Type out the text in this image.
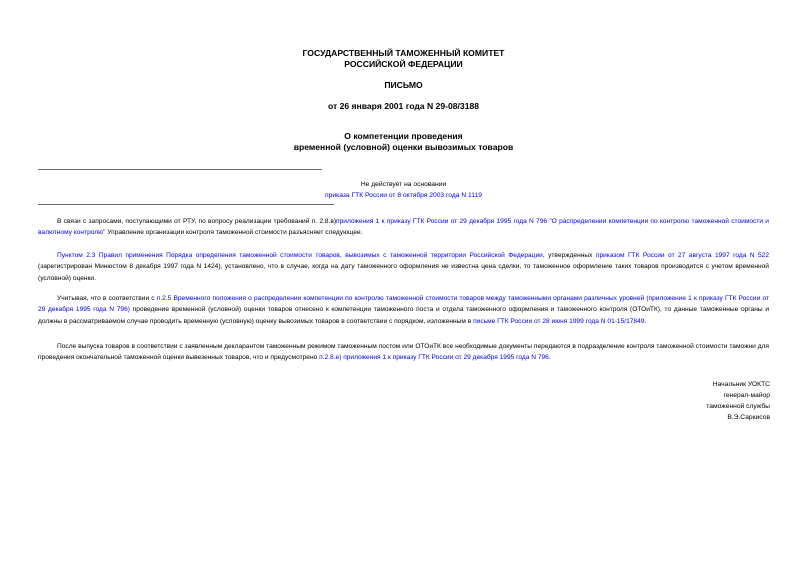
ГОСУДАРСТВЕННЫЙ ТАМОЖЕННЫЙ КОМИТЕТ
РОССИЙСКОЙ ФЕДЕРАЦИИ
ПИСЬМО
от 26 января 2001 года N 29-08/3188
О компетенции проведения
временной (условной) оценки вывозимых товаров
Не действует на основании
приказа ГТК России от 8 октября 2003 года N 1119
В связи с запросами, поступающими от РТУ, по вопросу реализации требований п. 2.8.в)приложения 1 к приказу ГТК России от 29 декабря 1995 года N 796 "О распределении компетенции по контролю таможенной стоимости и валютному контролю" Управление организации контроля таможенной стоимости разъясняет следующее.
Пунктом 2.3 Правил применения Порядка определения таможенной стоимости товаров, вывозимых с таможенной территории Российской Федерации, утвержденных приказом ГТК России от 27 августа 1997 года N 522 (зарегистрирован Минюстом 8 декабря 1997 года N 1424), установлено, что в случае, когда на дату таможенного оформления не известна цена сделки, то таможенное оформление таких товаров производится с учетом временной (условной) оценки.
Учитывая, что в соответствии с п.2.5 Временного положения о распределении компетенции по контролю таможенной стоимости товаров между таможенными органами различных уровней (приложение 1 к приказу ГТК России от 29 декабря 1995 года N 796) проведение временной (условной) оценки товаров отнесено к компетенции таможенного поста и отдела таможенного оформления и таможенного контроля (ОТОиТК), то данные таможенные органы и должны в рассматриваемом случае проводить временную (условную) оценку вывозимых товаров в соответствии с порядком, изложенным в письме ГТК России от 28 июня 1999 года N 01-15/17849.
После выпуска товаров в соответствии с заявленным декларантом таможенным режимом таможенным постом или ОТОиТК все необходимые документы передаются в подразделение контроля таможенной стоимости таможни для проведения окончательной таможенной оценки вывезенных товаров, что и предусмотрено п.2.8.е) приложения 1 к приказу ГТК России от 29 декабря 1995 года N 796.
Начальник УОКТС
генерал-майор
таможенной службы
В.Э.Саркисов
